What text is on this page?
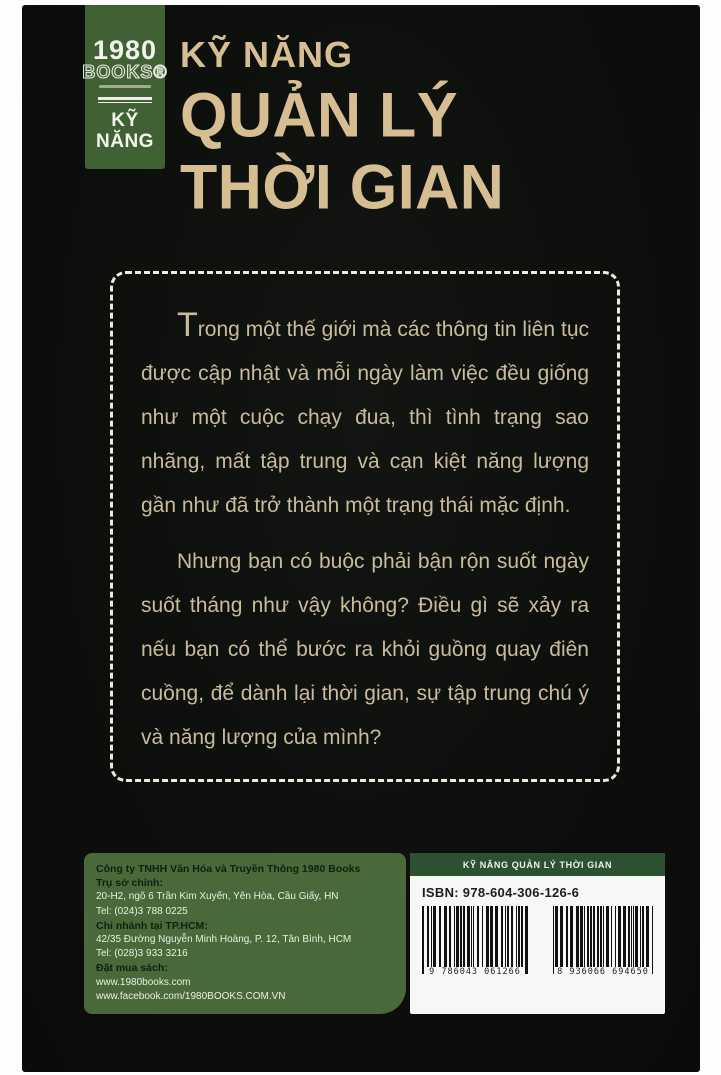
1980
BOOKS®
KỸ
NĂNG
KỸ NĂNG
QUẢN LÝ
THỜI GIAN

Trong một thế giới mà các thông tin liên tục được cập nhật và mỗi ngày làm việc đều giống như một cuộc chạy đua, thì tình trạng sao nhãng, mất tập trung và cạn kiệt năng lượng gần như đã trở thành một trạng thái mặc định.

Nhưng bạn có buộc phải bận rộn suốt ngày suốt tháng như vậy không? Điều gì sẽ xảy ra nếu bạn có thể bước ra khỏi guồng quay điên cuồng, để dành lại thời gian, sự tập trung chú ý và năng lượng của mình?

Công ty TNHH Văn Hóa và Truyền Thông 1980 Books
Trụ sở chính:
20-H2, ngõ 6 Trần Kim Xuyến, Yên Hòa, Cầu Giấy, HN
Tel: (024)3 788 0225
Chi nhánh tại TP.HCM:
42/35 Đường Nguyễn Minh Hoàng, P. 12, Tân Bình, HCM
Tel: (028)3 933 3216
Đặt mua sách:
www.1980books.com
www.facebook.com/1980BOOKS.COM.VN
KỸ NĂNG QUẢN LÝ THỜI GIAN
ISBN: 978-604-306-126-6
9 786043 061266	8 936066 694650
